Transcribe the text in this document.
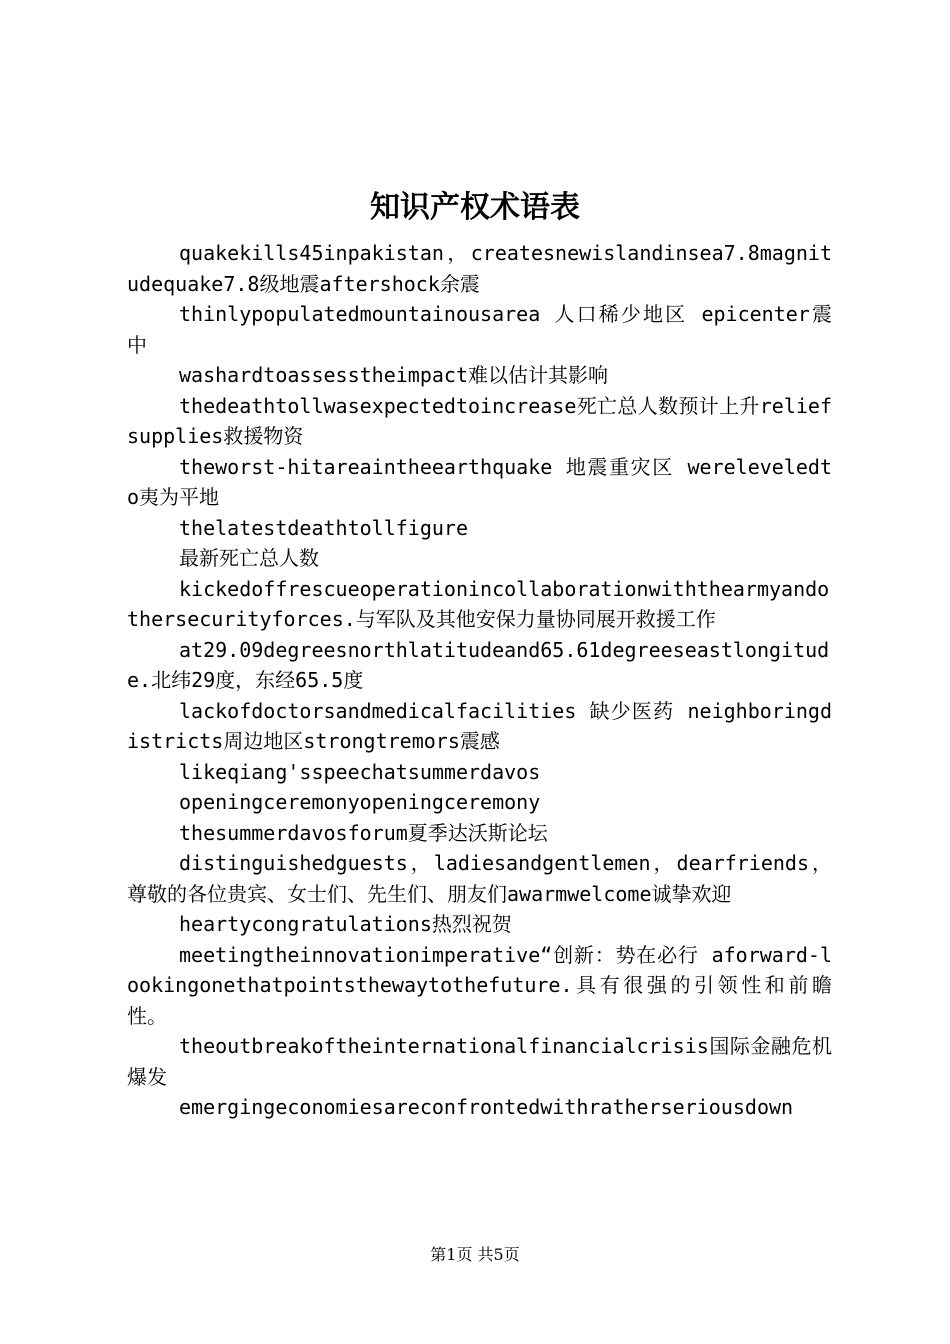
知识产权术语表

quakekills45inpakistan，createsnewislandinsea7.8magnitudequake7.8级地震aftershock余震

thinlypopulatedmountainousarea 人口稀少地区 epicenter震中

washardtoassesstheimpact难以估计其影响

thedeathtollwasexpectedtoincrease死亡总人数预计上升reliefsupplies救援物资

theworst-hitareaintheearthquake 地震重灾区 wereleveledto夷为平地

thelatestdeathtollfigure

最新死亡总人数

kickedoffrescueoperationincollaborationwiththearmyandothersecurityforces.与军队及其他安保力量协同展开救援工作

at29.09degreesnorthlatitudeand65.61degreeseastlongitude.北纬29度，东经65.5度

lackofdoctorsandmedicalfacilities 缺少医药 neighboringdistricts周边地区strongtremors震感

likeqiang'sspeechatsummerdavos

openingceremonyopeningceremony

thesummerdavosforum夏季达沃斯论坛

distinguishedguests，ladiesandgentlemen，dearfriends，尊敬的各位贵宾、女士们、先生们、朋友们awarmwelcome诚挚欢迎

heartycongratulations热烈祝贺

meetingtheinnovationimperative“创新：势在必行 aforward-lookingonethatpointsthewaytothefuture.具有很强的引领性和前瞻性。

theoutbreakoftheinternationalfinancialcrisis国际金融危机爆发

emergingeconomiesareconfrontedwithratherseriousdown

第1页 共5页
